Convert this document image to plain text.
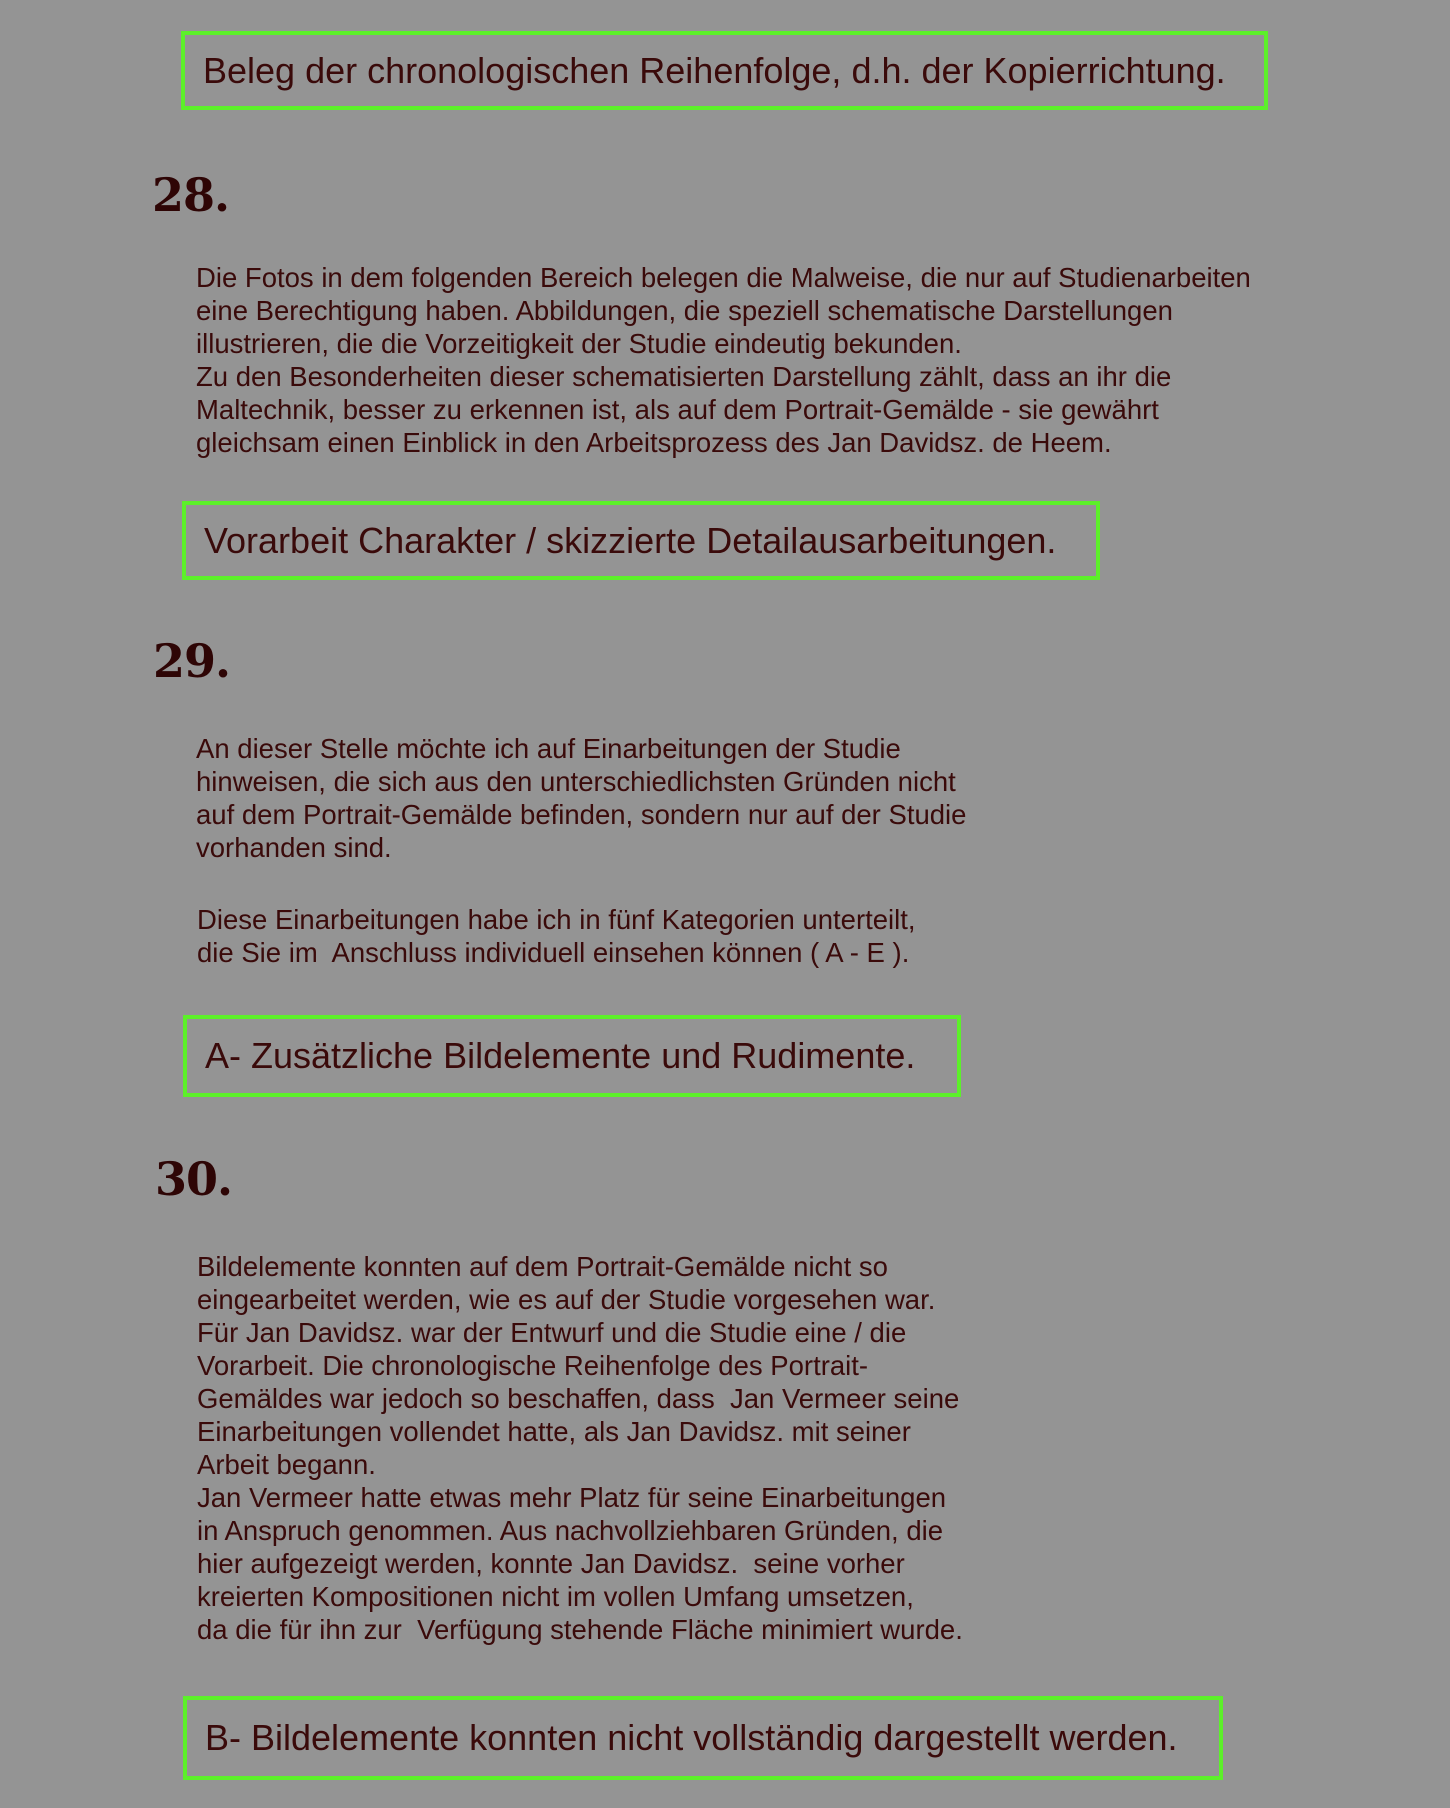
Beleg der chronologischen Reihenfolge, d.h. der Kopierrichtung.
28.

Die Fotos in dem folgenden Bereich belegen die Malweise, die nur auf Studienarbeiten
eine Berechtigung haben. Abbildungen, die speziell schematische Darstellungen
illustrieren, die die Vorzeitigkeit der Studie eindeutig bekunden.
Zu den Besonderheiten dieser schematisierten Darstellung zählt, dass an ihr die
Maltechnik, besser zu erkennen ist, als auf dem Portrait-Gemälde - sie gewährt
gleichsam einen Einblick in den Arbeitsprozess des Jan Davidsz. de Heem.

Vorarbeit Charakter / skizzierte Detailausarbeitungen.
29.

An dieser Stelle möchte ich auf Einarbeitungen der Studie
hinweisen, die sich aus den unterschiedlichsten Gründen nicht
auf dem Portrait-Gemälde befinden, sondern nur auf der Studie
vorhanden sind.

Diese Einarbeitungen habe ich in fünf Kategorien unterteilt,
die Sie im  Anschluss individuell einsehen können ( A - E ).

A- Zusätzliche Bildelemente und Rudimente.
30.

Bildelemente konnten auf dem Portrait-Gemälde nicht so
eingearbeitet werden, wie es auf der Studie vorgesehen war.
Für Jan Davidsz. war der Entwurf und die Studie eine / die
Vorarbeit. Die chronologische Reihenfolge des Portrait-
Gemäldes war jedoch so beschaffen, dass  Jan Vermeer seine
Einarbeitungen vollendet hatte, als Jan Davidsz. mit seiner
Arbeit begann.
Jan Vermeer hatte etwas mehr Platz für seine Einarbeitungen
in Anspruch genommen. Aus nachvollziehbaren Gründen, die
hier aufgezeigt werden, konnte Jan Davidsz.  seine vorher
kreierten Kompositionen nicht im vollen Umfang umsetzen,
da die für ihn zur  Verfügung stehende Fläche minimiert wurde.

B- Bildelemente konnten nicht vollständig dargestellt werden.
